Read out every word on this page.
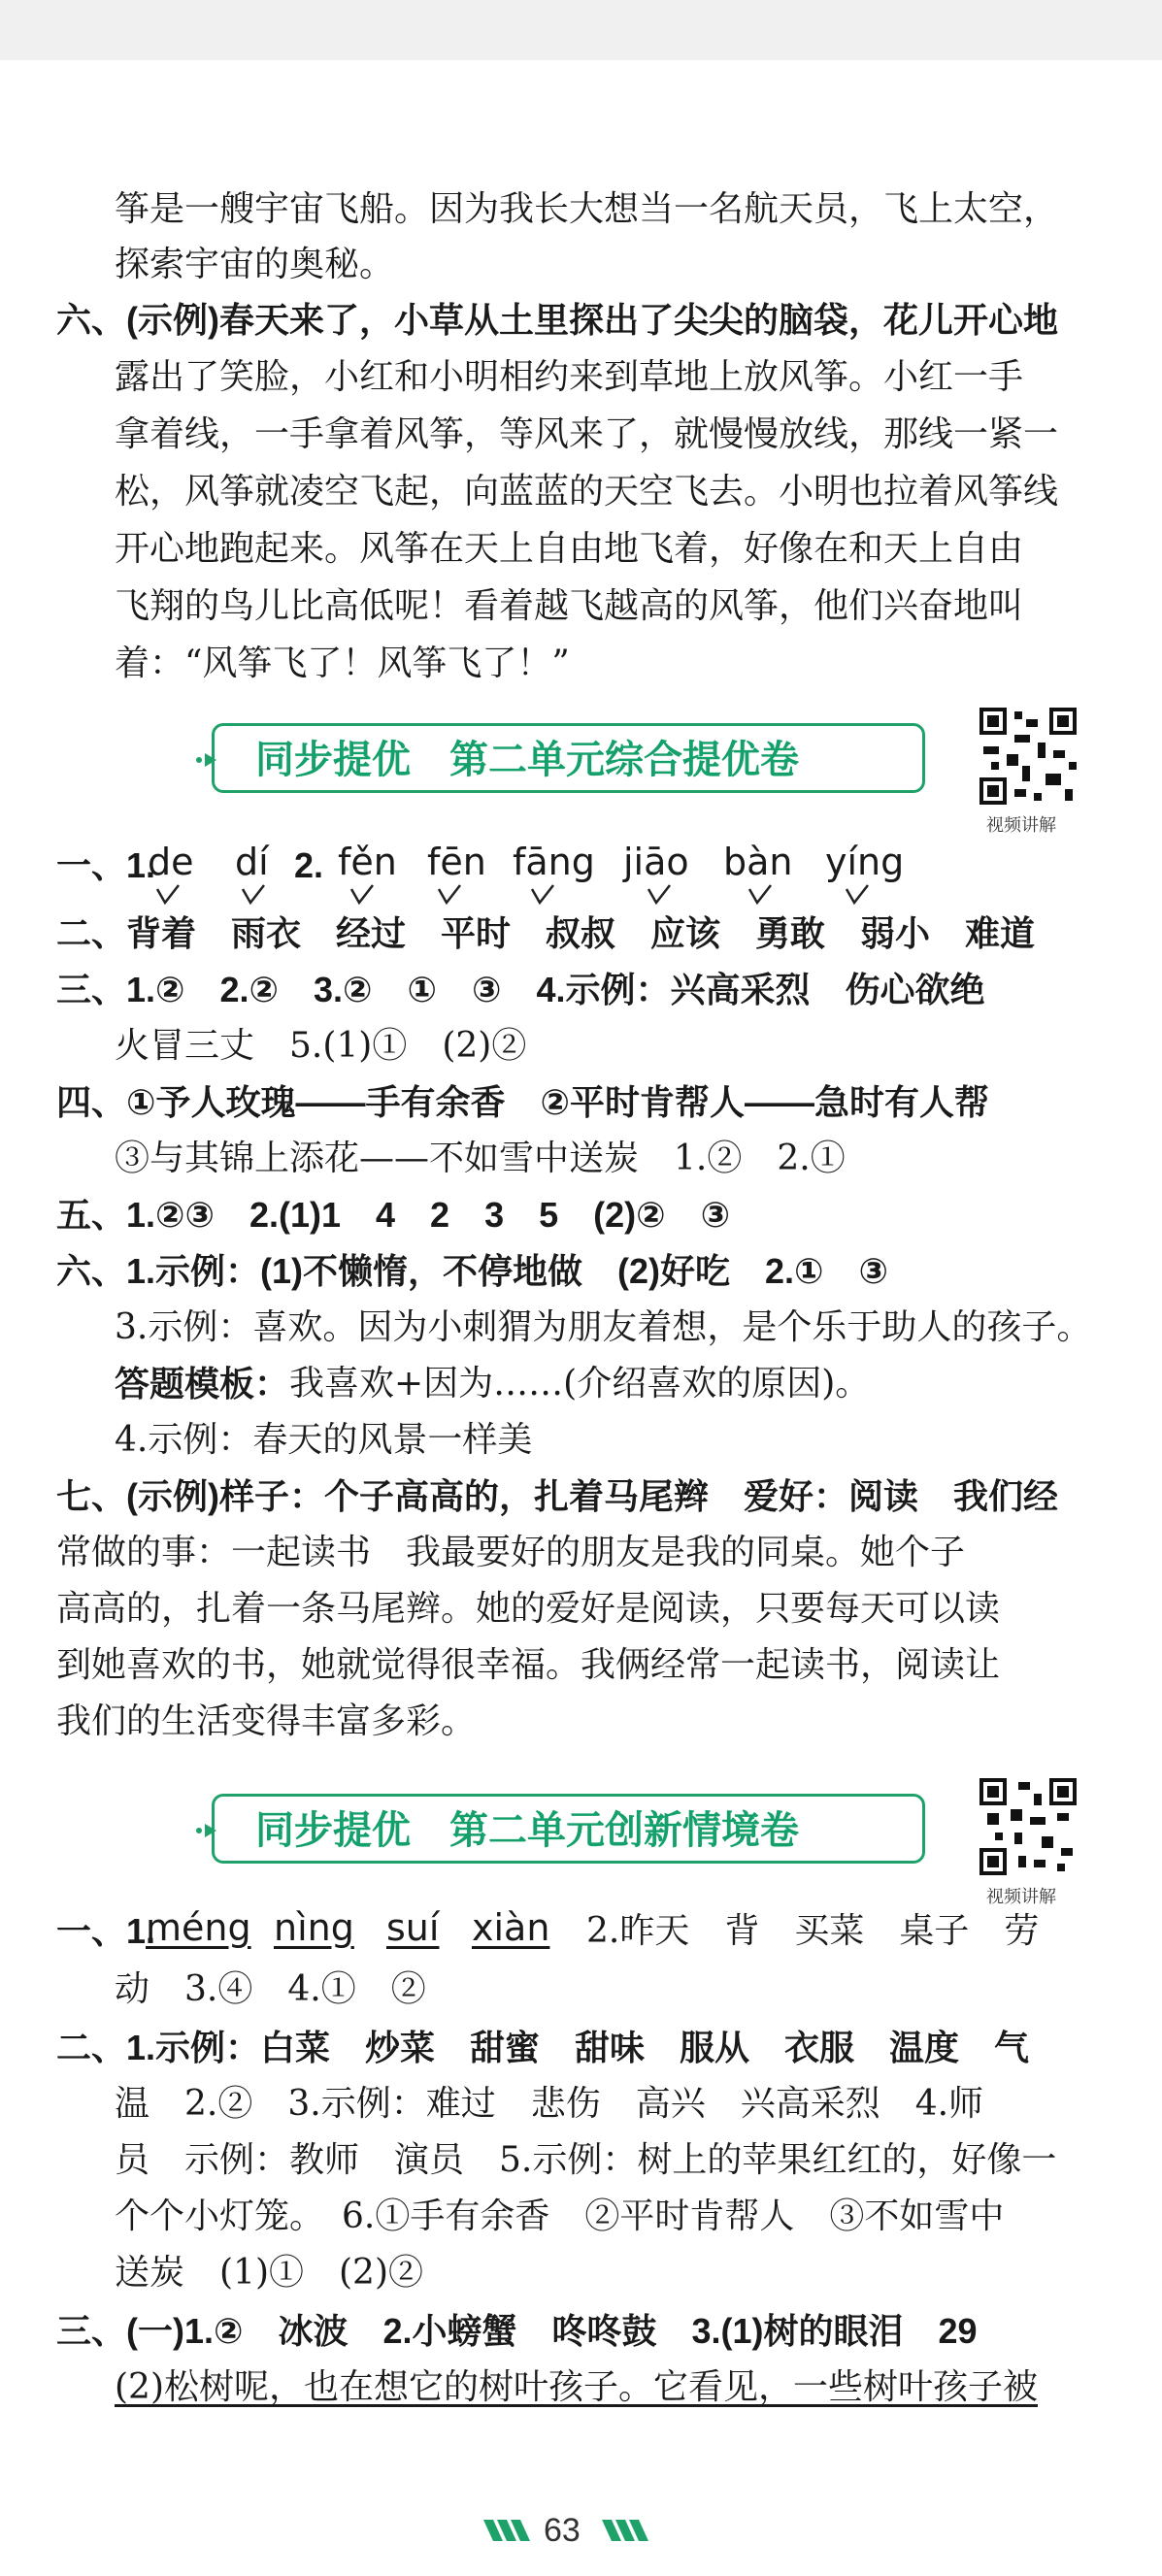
筝是一艘宇宙飞船。因为我长大想当一名航天员，飞上太空，
探索宇宙的奥秘。
六、(示例)春天来了，小草从土里探出了尖尖的脑袋，花儿开心地
露出了笑脸，小红和小明相约来到草地上放风筝。小红一手
拿着线，一手拿着风筝，等风来了，就慢慢放线，那线一紧一
松，风筝就凌空飞起，向蓝蓝的天空飞去。小明也拉着风筝线
开心地跑起来。风筝在天上自由地飞着，好像在和天上自由
飞翔的鸟儿比高低呢！看着越飞越高的风筝，他们兴奋地叫
着：“风筝飞了！风筝飞了！”
同步提优　第二单元综合提优卷
视频讲解
一、1.
de dí 2. fěn fēn fāng jiāo bàn yíng
二、背着　雨衣　经过　平时　叔叔　应该　勇敢　弱小　难道
三、1.②　2.②　3.②　①　③　4.示例：兴高采烈　伤心欲绝
火冒三丈　5.(1)①　(2)②
四、①予人玫瑰——手有余香　②平时肯帮人——急时有人帮
③与其锦上添花——不如雪中送炭　1.②　2.①
五、1.②③　2.(1)1　4　2　3　5　(2)②　③
六、1.示例：(1)不懒惰，不停地做　(2)好吃　2.①　③
3.示例：喜欢。因为小刺猬为朋友着想，是个乐于助人的孩子。
答题模板： 我喜欢+因为……(介绍喜欢的原因)。
4.示例：春天的风景一样美
七、(示例)样子：个子高高的，扎着马尾辫　爱好：阅读　我们经
常做的事：一起读书　我最要好的朋友是我的同桌。她个子
高高的，扎着一条马尾辫。她的爱好是阅读，只要每天可以读
到她喜欢的书，她就觉得很幸福。我俩经常一起读书，阅读让
我们的生活变得丰富多彩。
同步提优　第二单元创新情境卷
视频讲解
一、1.
méng nìng suí xiàn 2.昨天　背　买菜　桌子　劳
动　3.④　4.①　②
二、1.示例：白菜　炒菜　甜蜜　甜味　服从　衣服　温度　气
温　2.②　3.示例：难过　悲伤　高兴　兴高采烈　4.师
员　示例：教师　演员　5.示例：树上的苹果红红的，好像一
个个小灯笼。　6.①手有余香　②平时肯帮人　③不如雪中
送炭　(1)①　(2)②
三、(一)1.②　冰波　2.小螃蟹　咚咚鼓　3.(1)树的眼泪　29
(2)松树呢，也在想它的树叶孩子。它看见，一些树叶孩子被
63
